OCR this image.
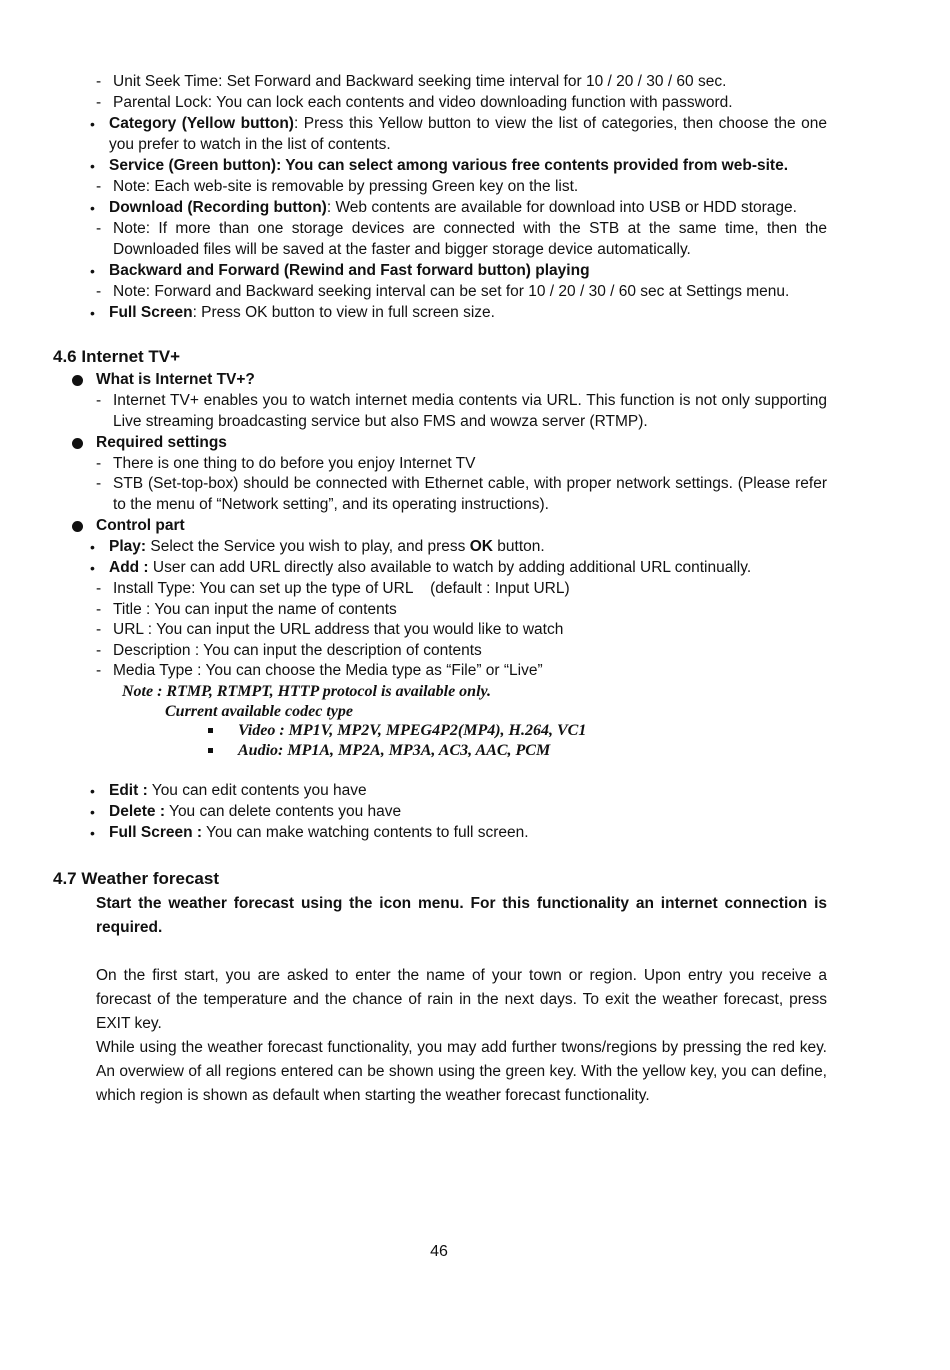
- Unit Seek Time: Set Forward and Backward seeking time interval for 10 / 20 / 30 / 60 sec.
- Parental Lock: You can lock each contents and video downloading function with password.
• Category (Yellow button): Press this Yellow button to view the list of categories, then choose the one you prefer to watch in the list of contents.
• Service (Green button): You can select among various free contents provided from web-site.
- Note: Each web-site is removable by pressing Green key on the list.
• Download (Recording button): Web contents are available for download into USB or HDD storage.
- Note: If more than one storage devices are connected with the STB at the same time, then the Downloaded files will be saved at the faster and bigger storage device automatically.
• Backward and Forward (Rewind and Fast forward button) playing
- Note: Forward and Backward seeking interval can be set for 10 / 20 / 30 / 60 sec at Settings menu.
• Full Screen: Press OK button to view in full screen size.
4.6 Internet TV+
What is Internet TV+?
- Internet TV+ enables you to watch internet media contents via URL. This function is not only supporting Live streaming broadcasting service but also FMS and wowza server (RTMP).
Required settings
- There is one thing to do before you enjoy Internet TV
- STB (Set-top-box) should be connected with Ethernet cable, with proper network settings. (Please refer to the menu of “Network setting”, and its operating instructions).
Control part
• Play: Select the Service you wish to play, and press OK button.
• Add : User can add URL directly also available to watch by adding additional URL continually.
- Install Type: You can set up the type of URL    (default : Input URL)
- Title : You can input the name of contents
- URL : You can input the URL address that you would like to watch
- Description : You can input the description of contents
- Media Type : You can choose the Media type as “File” or “Live”
Note : RTMP, RTMPT, HTTP protocol is available only.
Current available codec type
Video : MP1V, MP2V, MPEG4P2(MP4), H.264, VC1
Audio: MP1A, MP2A, MP3A, AC3, AAC, PCM
• Edit : You can edit contents you have
• Delete : You can delete contents you have
• Full Screen : You can make watching contents to full screen.
4.7 Weather forecast
Start the weather forecast using the icon menu. For this functionality an internet connection is required.
On the first start, you are asked to enter the name of your town or region. Upon entry you receive a forecast of the temperature and the chance of rain in the next days. To exit the weather forecast, press EXIT key.
While using the weather forecast functionality, you may add further twons/regions by pressing the red key. An overwiew of all regions entered can be shown using the green key. With the yellow key, you can define, which region is shown as default when starting the weather forecast functionality.
46
